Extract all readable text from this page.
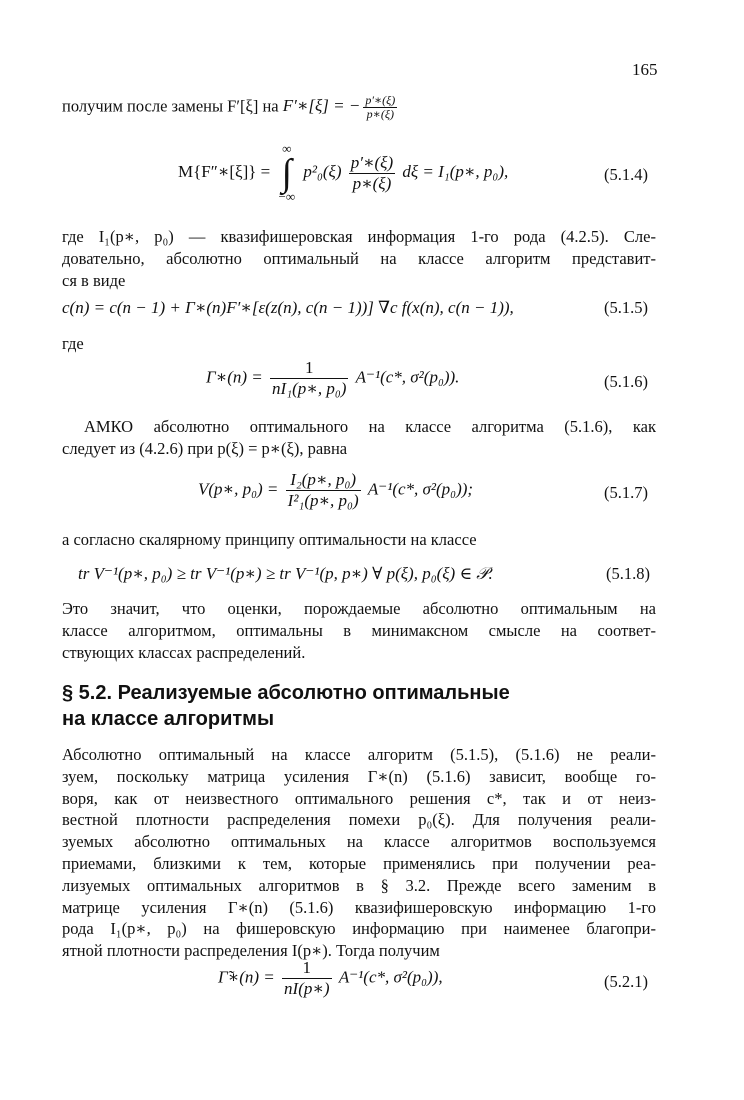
165
получим после замены F′[ξ] на F′∗[ξ] = − $\frac{p'∗(\xi)}{p∗(\xi)}$
M{F″∗[ξ]} = ∞
∫
−∞ $p^2_0(\xi) \frac{p'∗(\xi)}{p∗(\xi)}$ dξ = I₁(p∗, p₀),	(5.1.4)
где I₁(p∗, p₀) — квазифишеровская информация 1-го рода (4.2.5). Сле-
довательно, абсолютно оптимальный на классе алгоритм представит-
ся в виде
c(n) = c(n − 1) + Γ∗(n)F′∗[ε(z(n), c(n − 1))] ∇c f(x(n), c(n − 1)),	(5.1.5)
где
Γ∗(n) = $\frac{1}{\text{nI₁(p∗, p₀)}} A^{-1}(c*$, σ²(p₀)).	(5.1.6)
АМКО абсолютно оптимального на классе алгоритма (5.1.6), как
следует из (4.2.6) при p(ξ) = p∗(ξ), равна
V(p∗, $p_0) = \frac{\text{I₂(p∗, p₀)}}{\text{I²₁(p∗, p₀)}} A^{-1}(c*$, σ²(p₀));	(5.1.7)
а согласно скалярному принципу оптимальности на классе
tr V⁻¹(p∗, p₀) ≥ tr V⁻¹(p∗) ≥ tr V⁻¹(p, p∗) ∀ p(ξ), p₀(ξ) ∈ 𝒫.	(5.1.8)
Это значит, что оценки, порождаемые абсолютно оптимальным на
классе алгоритмом, оптимальны в минимаксном смысле на соответ-
ствующих классах распределений.
§ 5.2. Реализуемые абсолютно оптимальные
на классе алгоритмы
Абсолютно оптимальный на классе алгоритм (5.1.5), (5.1.6) не реали-
зуем, поскольку матрица усиления Γ∗(n) (5.1.6) зависит, вообще го-
воря, как от неизвестного оптимального решения c*, так и от неиз-
вестной плотности распределения помехи p₀(ξ). Для получения реали-
зуемых абсолютно оптимальных на классе алгоритмов воспользуемся
приемами, близкими к тем, которые применялись при получении реа-
лизуемых оптимальных алгоритмов в § 3.2. Прежде всего заменим в
матрице усиления Γ∗(n) (5.1.6) квазифишеровскую информацию 1-го
рода I₁(p∗, p₀) на фишеровскую информацию при наименее благопри-
ятной плотности распределения I(p∗). Тогда получим
Γ̃∗(n) = $\frac{1}{nI(p∗)} A^{-1}(c*$, σ²(p₀)),	(5.2.1)
